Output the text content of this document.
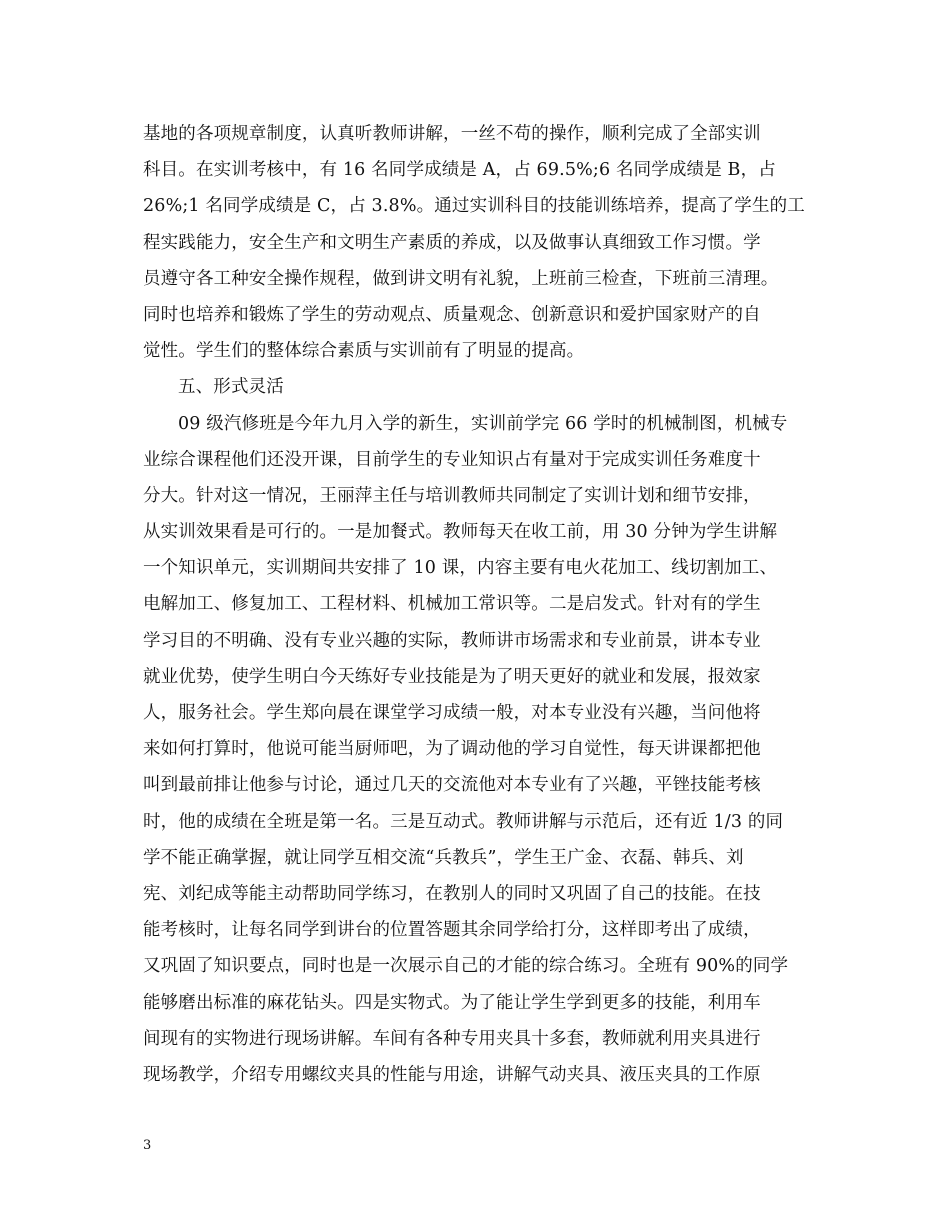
基地的各项规章制度，认真听教师讲解，一丝不苟的操作，顺利完成了全部实训
科目。在实训考核中，有 16 名同学成绩是 A，占 69.5%;6 名同学成绩是 B，占
26%;1 名同学成绩是 C，占 3.8%。通过实训科目的技能训练培养，提高了学生的工
程实践能力，安全生产和文明生产素质的养成，以及做事认真细致工作习惯。学
员遵守各工种安全操作规程，做到讲文明有礼貌，上班前三检查，下班前三清理。
同时也培养和锻炼了学生的劳动观点、质量观念、创新意识和爱护国家财产的自
觉性。学生们的整体综合素质与实训前有了明显的提高。
五、形式灵活
09 级汽修班是今年九月入学的新生，实训前学完 66 学时的机械制图，机械专
业综合课程他们还没开课，目前学生的专业知识占有量对于完成实训任务难度十
分大。针对这一情况，王丽萍主任与培训教师共同制定了实训计划和细节安排，
从实训效果看是可行的。一是加餐式。教师每天在收工前，用 30 分钟为学生讲解
一个知识单元，实训期间共安排了 10 课，内容主要有电火花加工、线切割加工、
电解加工、修复加工、工程材料、机械加工常识等。二是启发式。针对有的学生
学习目的不明确、没有专业兴趣的实际，教师讲市场需求和专业前景，讲本专业
就业优势，使学生明白今天练好专业技能是为了明天更好的就业和发展，报效家
人，服务社会。学生郑向晨在课堂学习成绩一般，对本专业没有兴趣，当问他将
来如何打算时，他说可能当厨师吧，为了调动他的学习自觉性，每天讲课都把他
叫到最前排让他参与讨论，通过几天的交流他对本专业有了兴趣，平锉技能考核
时，他的成绩在全班是第一名。三是互动式。教师讲解与示范后，还有近 1/3 的同
学不能正确掌握，就让同学互相交流“兵教兵”，学生王广金、衣磊、韩兵、刘
宪、刘纪成等能主动帮助同学练习，在教别人的同时又巩固了自己的技能。在技
能考核时，让每名同学到讲台的位置答题其余同学给打分，这样即考出了成绩，
又巩固了知识要点，同时也是一次展示自己的才能的综合练习。全班有 90%的同学
能够磨出标准的麻花钻头。四是实物式。为了能让学生学到更多的技能，利用车
间现有的实物进行现场讲解。车间有各种专用夹具十多套，教师就利用夹具进行
现场教学，介绍专用螺纹夹具的性能与用途，讲解气动夹具、液压夹具的工作原
3
